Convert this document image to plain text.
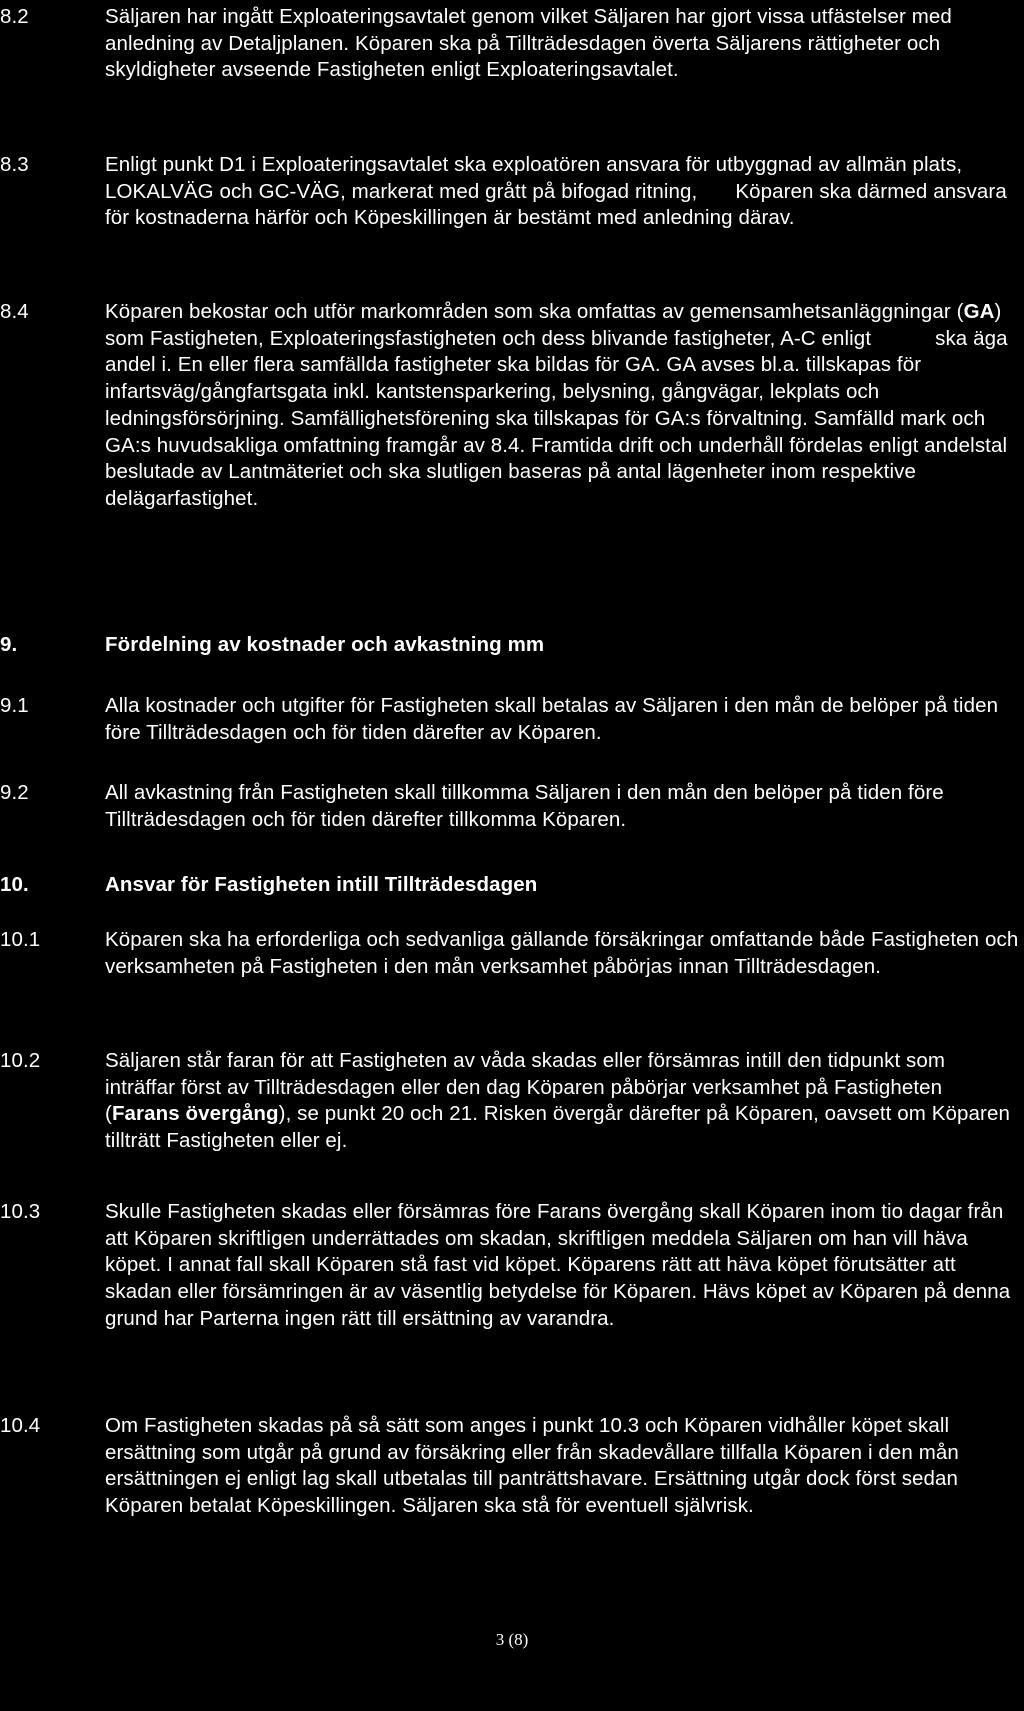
8.2	Säljaren har ingått Exploateringsavtalet genom vilket Säljaren har gjort vissa utfästelser med anledning av Detaljplanen. Köparen ska på Tillträdesdagen överta Säljarens rättigheter och skyldigheter avseende Fastigheten enligt Exploateringsavtalet.

8.3	Enligt punkt D1 i Exploateringsavtalet ska exploatören ansvara för utbyggnad av allmän plats, LOKALVÄG och GC-VÄG, markerat med grått på bifogad ritning, Köparen ska därmed ansvara för kostnaderna härför och Köpeskillingen är bestämt med anledning därav.

8.4	Köparen bekostar och utför markområden som ska omfattas av gemensamhetsanläggningar (GA) som Fastigheten, Exploateringsfastigheten och dess blivande fastigheter, A-C enligt	ska äga andel i. En eller flera samfällda fastigheter ska bildas för GA. GA avses bl.a. tillskapas för infartsväg/gångfartsgata inkl. kantstensparkering, belysning, gångvägar, lekplats och ledningsförsörjning. Samfällighetsförening ska tillskapas för GA:s förvaltning. Samfälld mark och GA:s huvudsakliga omfattning framgår av 8.4. Framtida drift och underhåll fördelas enligt andelstal beslutade av Lantmäteriet och ska slutligen baseras på antal lägenheter inom respektive delägarfastighet.

9.	Fördelning av kostnader och avkastning mm

9.1	Alla kostnader och utgifter för Fastigheten skall betalas av Säljaren i den mån de belöper på tiden före Tillträdesdagen och för tiden därefter av Köparen.

9.2	All avkastning från Fastigheten skall tillkomma Säljaren i den mån den belöper på tiden före Tillträdesdagen och för tiden därefter tillkomma Köparen.

10.	Ansvar för Fastigheten intill Tillträdesdagen

10.1	Köparen ska ha erforderliga och sedvanliga gällande försäkringar omfattande både Fastigheten och verksamheten på Fastigheten i den mån verksamhet påbörjas innan Tillträdesdagen.

10.2	Säljaren står faran för att Fastigheten av våda skadas eller försämras intill den tidpunkt som inträffar först av Tillträdesdagen eller den dag Köparen påbörjar verksamhet på Fastigheten (Farans övergång), se punkt 20 och 21. Risken övergår därefter på Köparen, oavsett om Köparen tillträtt Fastigheten eller ej.

10.3	Skulle Fastigheten skadas eller försämras före Farans övergång skall Köparen inom tio dagar från att Köparen skriftligen underrättades om skadan, skriftligen meddela Säljaren om han vill häva köpet. I annat fall skall Köparen stå fast vid köpet. Köparens rätt att häva köpet förutsätter att skadan eller försämringen är av väsentlig betydelse för Köparen. Hävs köpet av Köparen på denna grund har Parterna ingen rätt till ersättning av varandra.

10.4	Om Fastigheten skadas på så sätt som anges i punkt 10.3 och Köparen vidhåller köpet skall ersättning som utgår på grund av försäkring eller från skadevållare tillfalla Köparen i den mån ersättningen ej enligt lag skall utbetalas till panträttshavare. Ersättning utgår dock först sedan Köparen betalat Köpeskillingen. Säljaren ska stå för eventuell självrisk.

3 (8)
